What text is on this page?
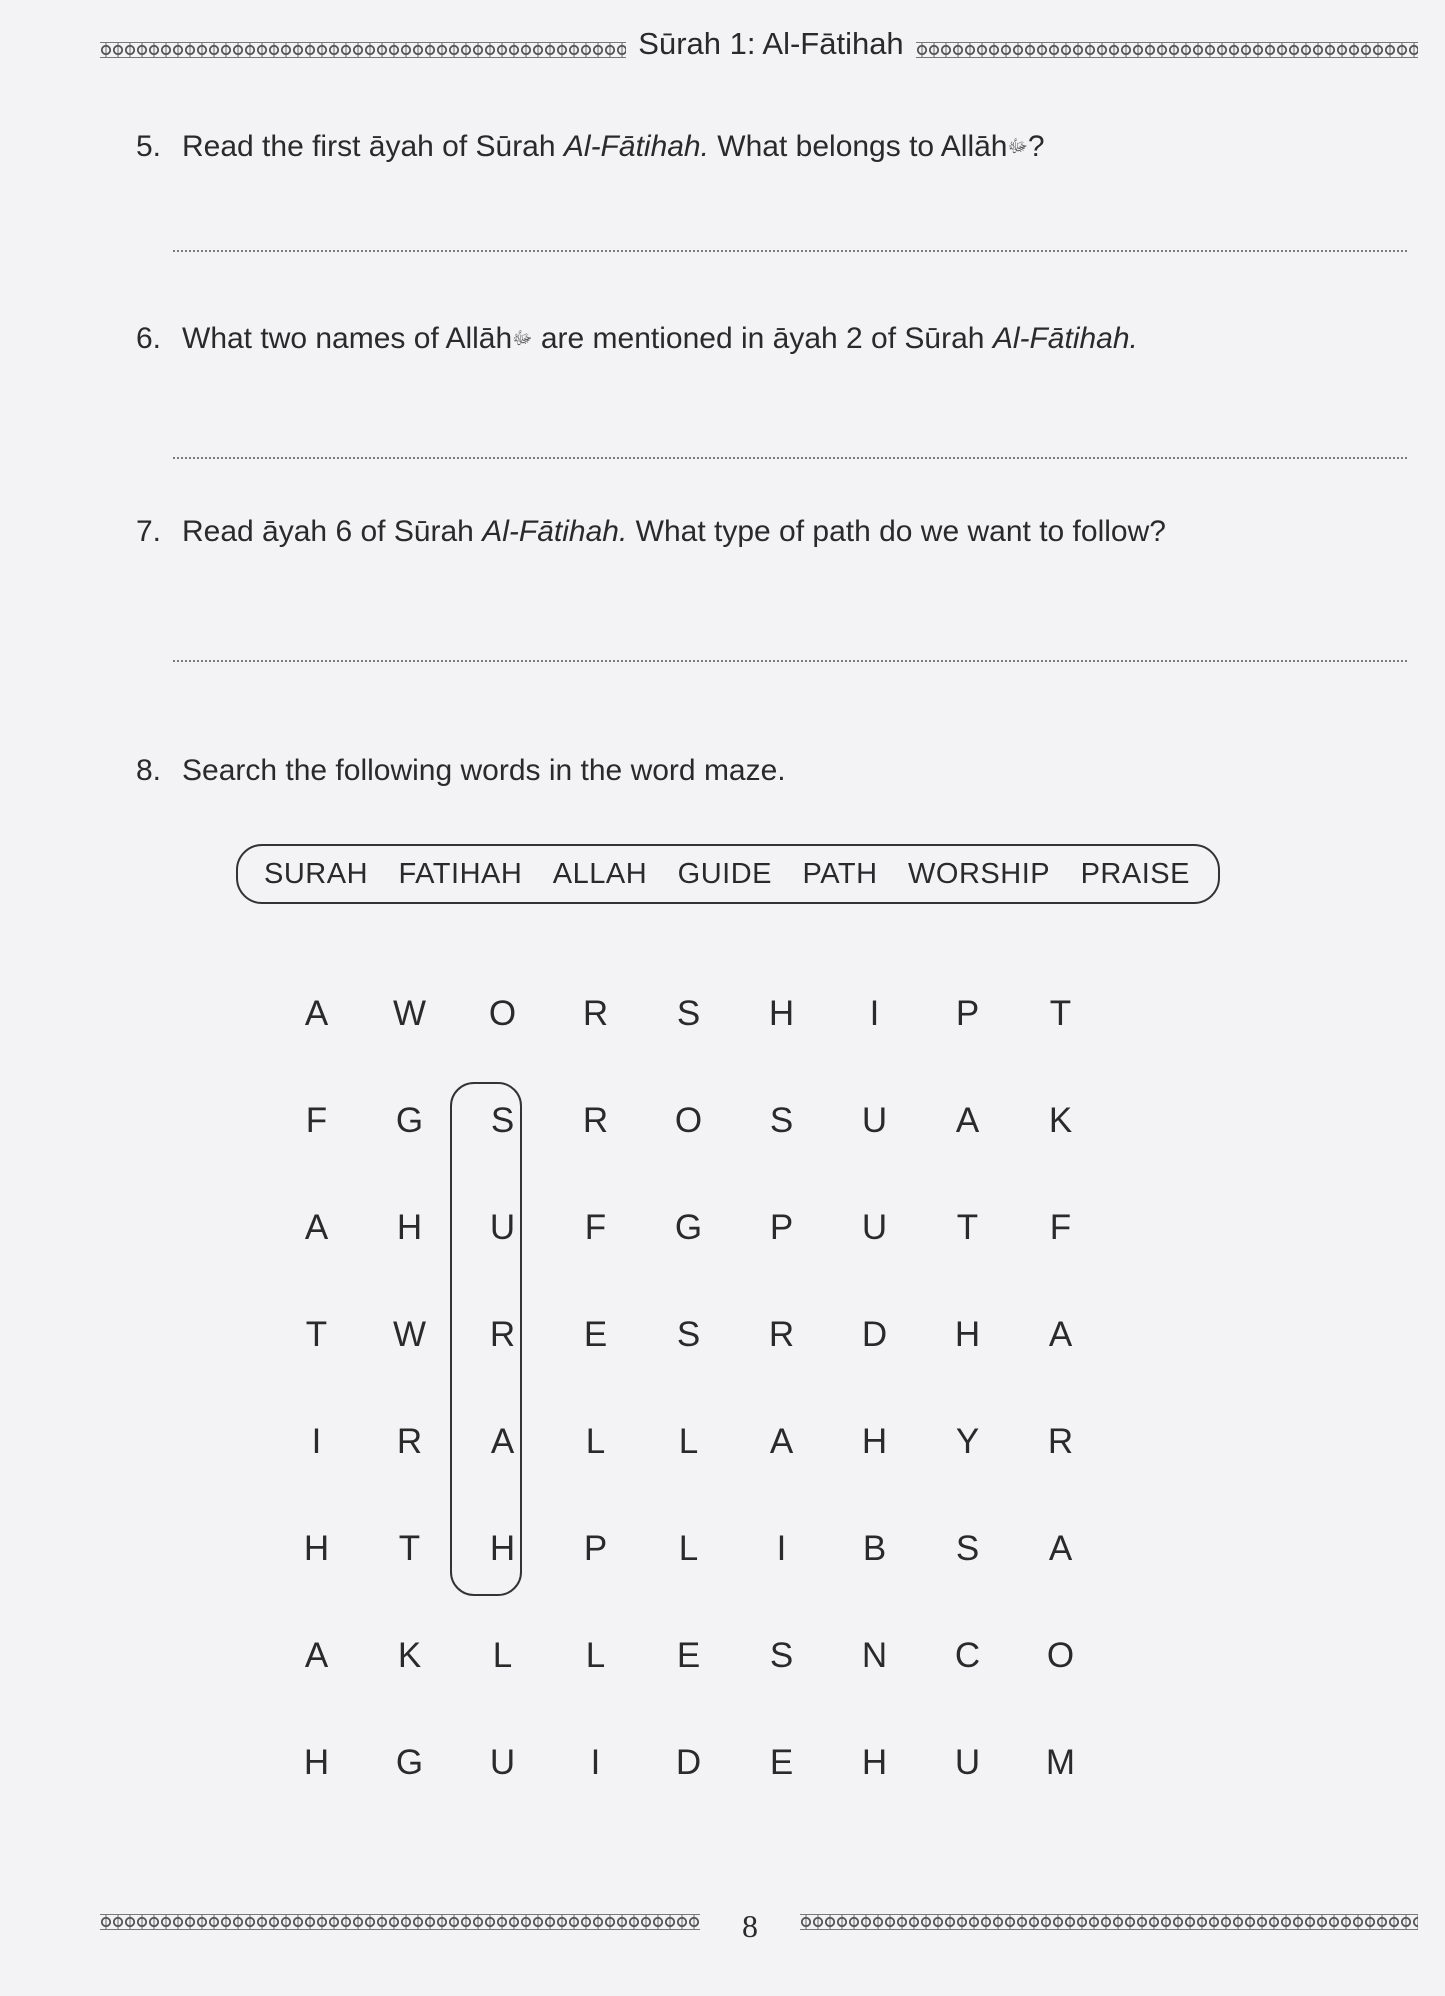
Sūrah 1: Al-Fātihah
5. Read the first āyah of Sūrah Al-Fātihah. What belongs to Allāhﷻ?
6. What two names of Allāhﷻ are mentioned in āyah 2 of Sūrah Al-Fātihah.
7. Read āyah 6 of Sūrah Al-Fātihah. What type of path do we want to follow?
8. Search the following words in the word maze.
SURAH FATIHAH ALLAH GUIDE PATH WORSHIP PRAISE
A	W	O	R	S	H	I	P	T
F	G	S	R	O	S	U	A	K
A	H	U	F	G	P	U	T	F
T	W	R	E	S	R	D	H	A
I	R	A	L	L	A	H	Y	R
H	T	H	P	L	I	B	S	A
A	K	L	L	E	S	N	C	O
H	G	U	I	D	E	H	U	M
8
